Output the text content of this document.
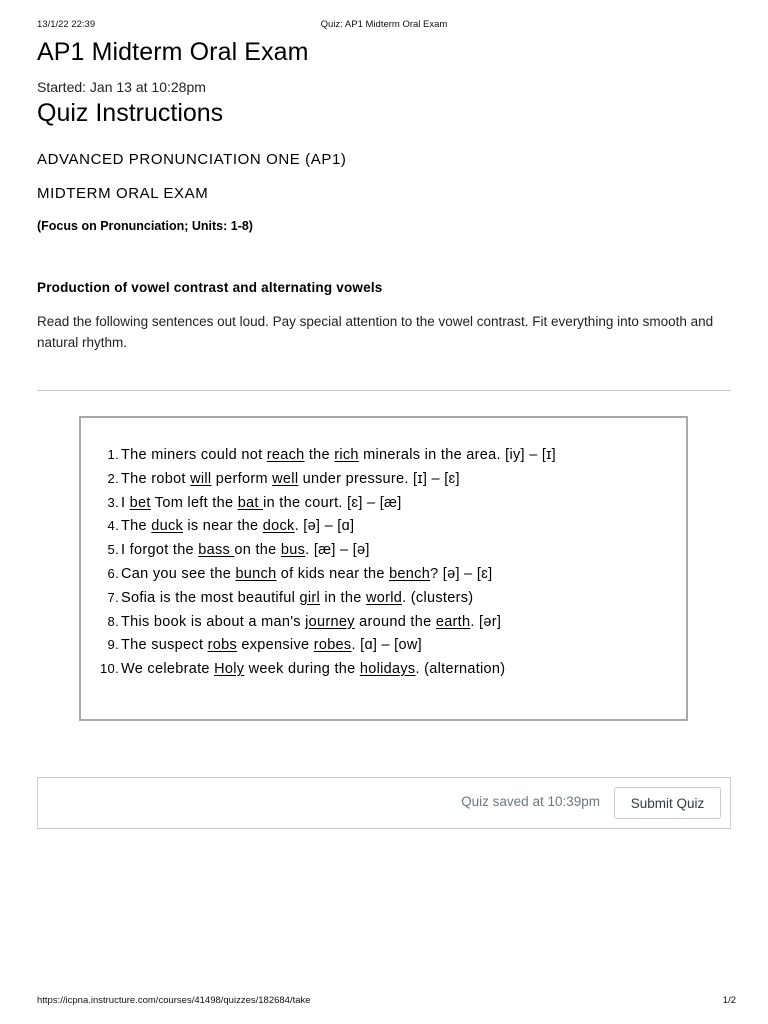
13/1/22 22:39	Quiz: AP1 Midterm Oral Exam
AP1 Midterm Oral Exam
Started: Jan 13 at 10:28pm
Quiz Instructions
ADVANCED PRONUNCIATION ONE (AP1)
MIDTERM ORAL EXAM
(Focus on Pronunciation; Units: 1-8)
Production of vowel contrast and alternating vowels
Read the following sentences out loud. Pay special attention to the vowel contrast. Fit everything into smooth and natural rhythm.
1. The miners could not reach the rich minerals in the area. [iy] – [ɪ]
2. The robot will perform well under pressure. [ɪ] – [ɛ]
3. I bet Tom left the bat in the court. [ɛ] – [æ]
4. The duck is near the dock. [ə] – [ɑ]
5. I forgot the bass on the bus. [æ] – [ə]
6. Can you see the bunch of kids near the bench? [ə] – [ɛ]
7. Sofia is the most beautiful girl in the world. (clusters)
8. This book is about a man's journey around the earth. [ər]
9. The suspect robs expensive robes. [ɑ] – [ow]
10. We celebrate Holy week during the holidays. (alternation)
Quiz saved at 10:39pm	Submit Quiz
https://icpna.instructure.com/courses/41498/quizzes/182684/take	1/2
